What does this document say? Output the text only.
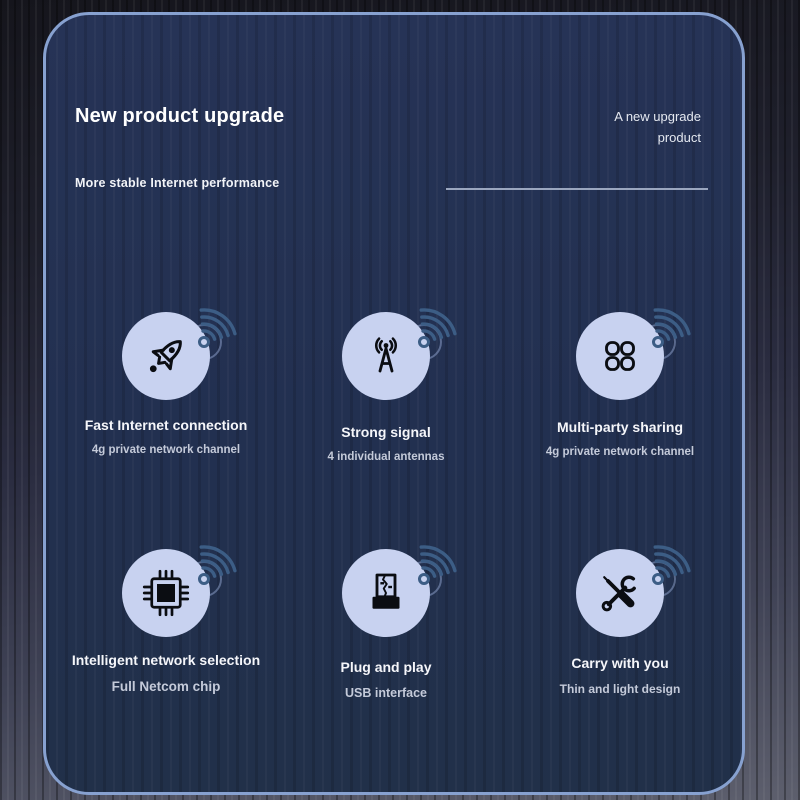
New product upgrade	A new upgrade product
More stable Internet performance
Fast Internet connection
4g private network channel
Strong signal
4 individual antennas
Multi-party sharing
4g private network channel
Intelligent network selection
Full Netcom chip
Plug and play
USB interface
Carry with you
Thin and light design
